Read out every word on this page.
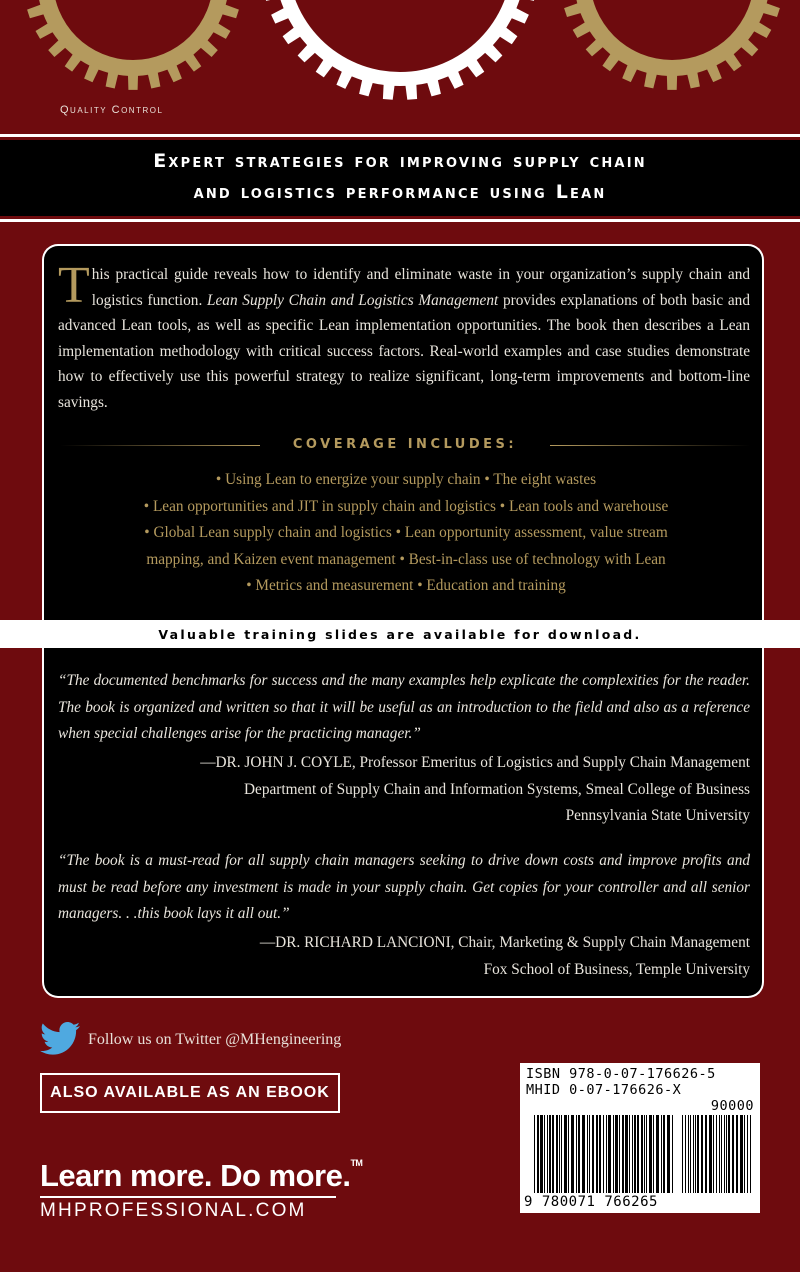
Quality Control
Expert strategies for improving supply chain
and logistics performance using Lean
This practical guide reveals how to identify and eliminate waste in your organization’s supply chain and logistics function. Lean Supply Chain and Logistics Management provides explanations of both basic and advanced Lean tools, as well as specific Lean implementation opportunities. The book then describes a Lean implementation methodology with critical success factors. Real-world examples and case studies demonstrate how to effectively use this powerful strategy to realize significant, long-term improvements and bottom-line savings.
COVERAGE INCLUDES:
• Using Lean to energize your supply chain • The eight wastes
• Lean opportunities and JIT in supply chain and logistics • Lean tools and warehouse
• Global Lean supply chain and logistics • Lean opportunity assessment, value stream
mapping, and Kaizen event management • Best-in-class use of technology with Lean
• Metrics and measurement • Education and training
Valuable training slides are available for download.
“The documented benchmarks for success and the many examples help explicate the complexities for the reader. The book is organized and written so that it will be useful as an introduction to the field and also as a reference when special challenges arise for the practicing manager.”
—DR. JOHN J. COYLE, Professor Emeritus of Logistics and Supply Chain Management
Department of Supply Chain and Information Systems, Smeal College of Business
Pennsylvania State University
“The book is a must-read for all supply chain managers seeking to drive down costs and improve profits and must be read before any investment is made in your supply chain. Get copies for your controller and all senior managers. . .this book lays it all out.”
—DR. RICHARD LANCIONI, Chair, Marketing & Supply Chain Management
Fox School of Business, Temple University
Follow us on Twitter @MHengineering
ALSO AVAILABLE AS AN EBOOK
Learn more. Do more.™
MHPROFESSIONAL.COM
ISBN 978-0-07-176626-5
MHID 0-07-176626-X
90000
9 780071 766265
